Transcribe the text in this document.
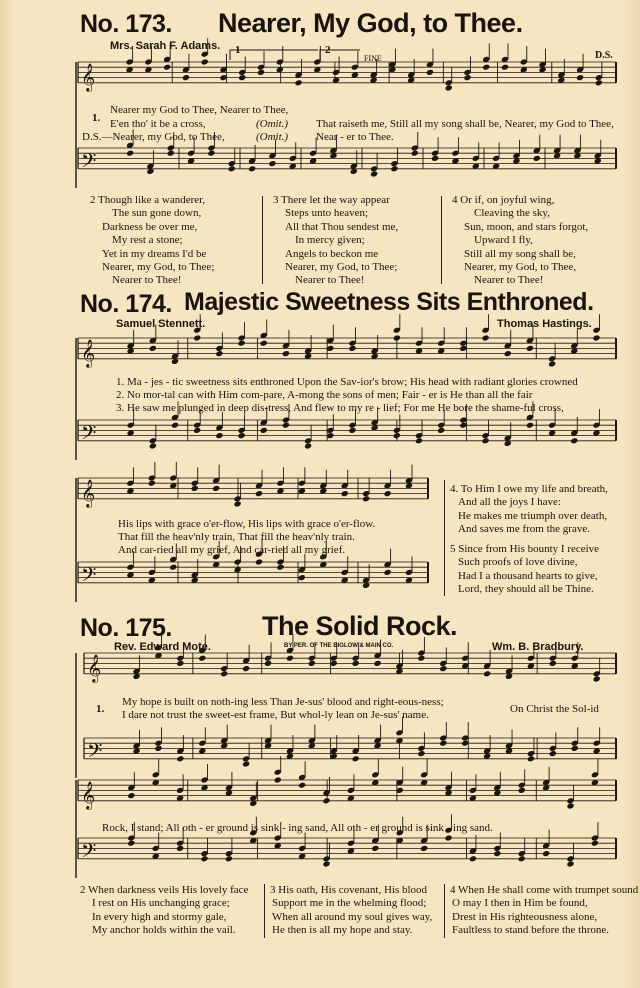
𝄞
𝄢
𝄞
𝄢
𝄞
𝄢
𝄞
𝄢
𝄞
𝄢
No. 173. Nearer, My God, to Thee.
Mrs. Sarah F. Adams. 1	2
FINE	D.S.
1.
Nearer my God to Thee, Nearer to Thee,
E'en tho' it be a cross,	(Omit.)	That raiseth me, Still all my song shall be, Nearer, my God to Thee,
D.S.—Nearer, my God, to Thee,	(Omit.)	Near - er to Thee.
2 Though like a wanderer,
The sun gone down,
Darkness be over me,
My rest a stone;
Yet in my dreams I'd be
Nearer, my God, to Thee;
Nearer to Thee!
3 There let the way appear
Steps unto heaven;
All that Thou sendest me,
In mercy given;
Angels to beckon me
Nearer, my God, to Thee;
Nearer to Thee!
4 Or if, on joyful wing,
Cleaving the sky,
Sun, moon, and stars forgot,
Upward I fly,
Still all my song shall be,
Nearer, my God, to Thee,
Nearer to Thee!
No. 174. Majestic Sweetness Sits Enthroned.
Samuel Stennett.	Thomas Hastings.
1. Ma - jes - tic sweetness sits enthroned Upon the Sav-ior's brow; His head with radiant glories crowned
2. No mor-tal can with Him com-pare, A-mong the sons of men; Fair - er is He than all the fair
3. He saw me plunged in deep dis-tress, And flew to my re - lief; For me He bore the shame-ful cross,
His lips with grace o'er-flow, His lips with grace o'er-flow.
That fill the heav'nly train, That fill the heav'nly train.
And car-ried all my grief, And car-ried all my grief.
4. To Him I owe my life and breath,
And all the joys I have:
He makes me triumph over death,
And saves me from the grave.
5 Since from His bounty I receive
Such proofs of love divine,
Had I a thousand hearts to give,
Lord, they should all be Thine.
No. 175.	The Solid Rock.
Rev. Edward Mote.	BY PER. OF THE BIGLOW & MAIN CO.	Wm. B. Bradbury.
1.
My hope is built on noth-ing less Than Je-sus' blood and right-eous-ness;
I dare not trust the sweet-est frame, But whol-ly lean on Je-sus' name.	On Christ the Sol-id
Rock, I stand; All oth - er ground is sink - ing sand, All oth - er ground is sink - ing sand.
2 When darkness veils His lovely face
I rest on His unchanging grace;
In every high and stormy gale,
My anchor holds within the vail.
3 His oath, His covenant, His blood
Support me in the whelming flood;
When all around my soul gives way,
He then is all my hope and stay.
4 When He shall come with trumpet sound
O may I then in Him be found,
Drest in His righteousness alone,
Faultless to stand before the throne.
